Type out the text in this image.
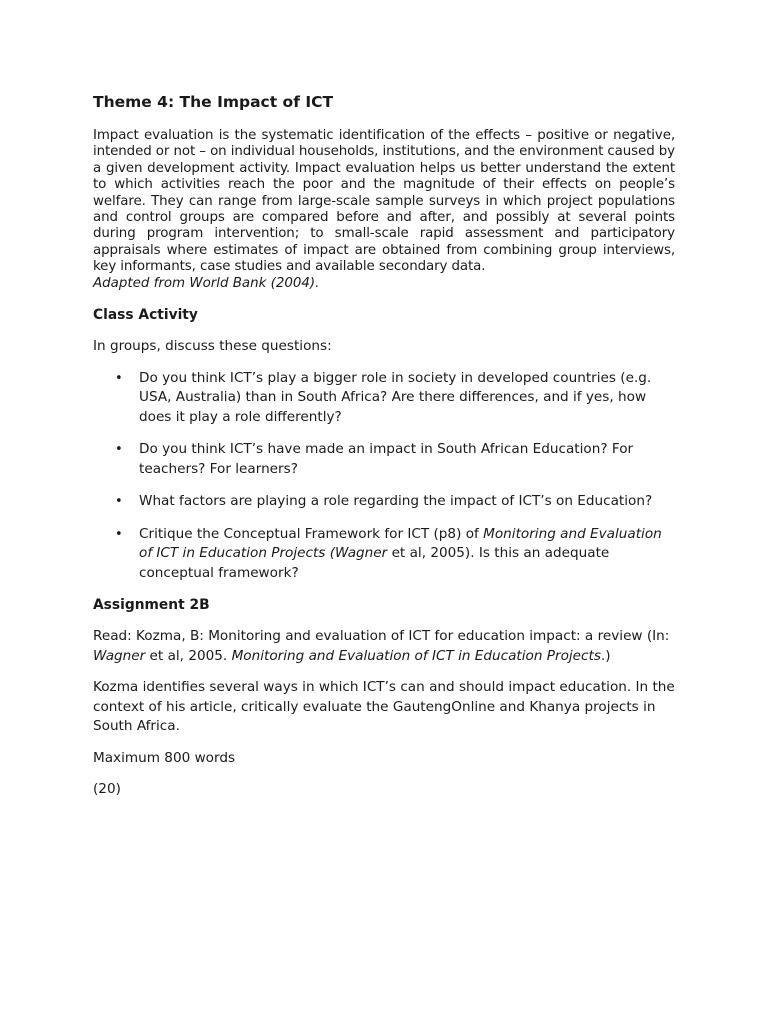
Theme 4: The Impact of ICT

Impact evaluation is the systematic identification of the effects – positive or negative, intended or not – on individual households, institutions, and the environment caused by a given development activity. Impact evaluation helps us better understand the extent to which activities reach the poor and the magnitude of their effects on people’s welfare. They can range from large-scale sample surveys in which project populations and control groups are compared before and after, and possibly at several points during program intervention; to small-scale rapid assessment and participatory appraisals where estimates of impact are obtained from combining group interviews, key informants, case studies and available secondary data.

Adapted from World Bank (2004).

Class Activity

In groups, discuss these questions:

• Do you think ICT’s play a bigger role in society in developed countries (e.g. USA, Australia) than in South Africa? Are there differences, and if yes, how does it play a role differently?
• Do you think ICT’s have made an impact in South African Education? For teachers? For learners?
• What factors are playing a role regarding the impact of ICT’s on Education?
• Critique the Conceptual Framework for ICT (p8) of Monitoring and Evaluation of ICT in Education Projects (Wagner et al, 2005). Is this an adequate conceptual framework?
Assignment 2B

Read: Kozma, B: Monitoring and evaluation of ICT for education impact: a review (In: Wagner et al, 2005. Monitoring and Evaluation of ICT in Education Projects.)

Kozma identifies several ways in which ICT’s can and should impact education. In the context of his article, critically evaluate the GautengOnline and Khanya projects in South Africa.

Maximum 800 words

(20)
